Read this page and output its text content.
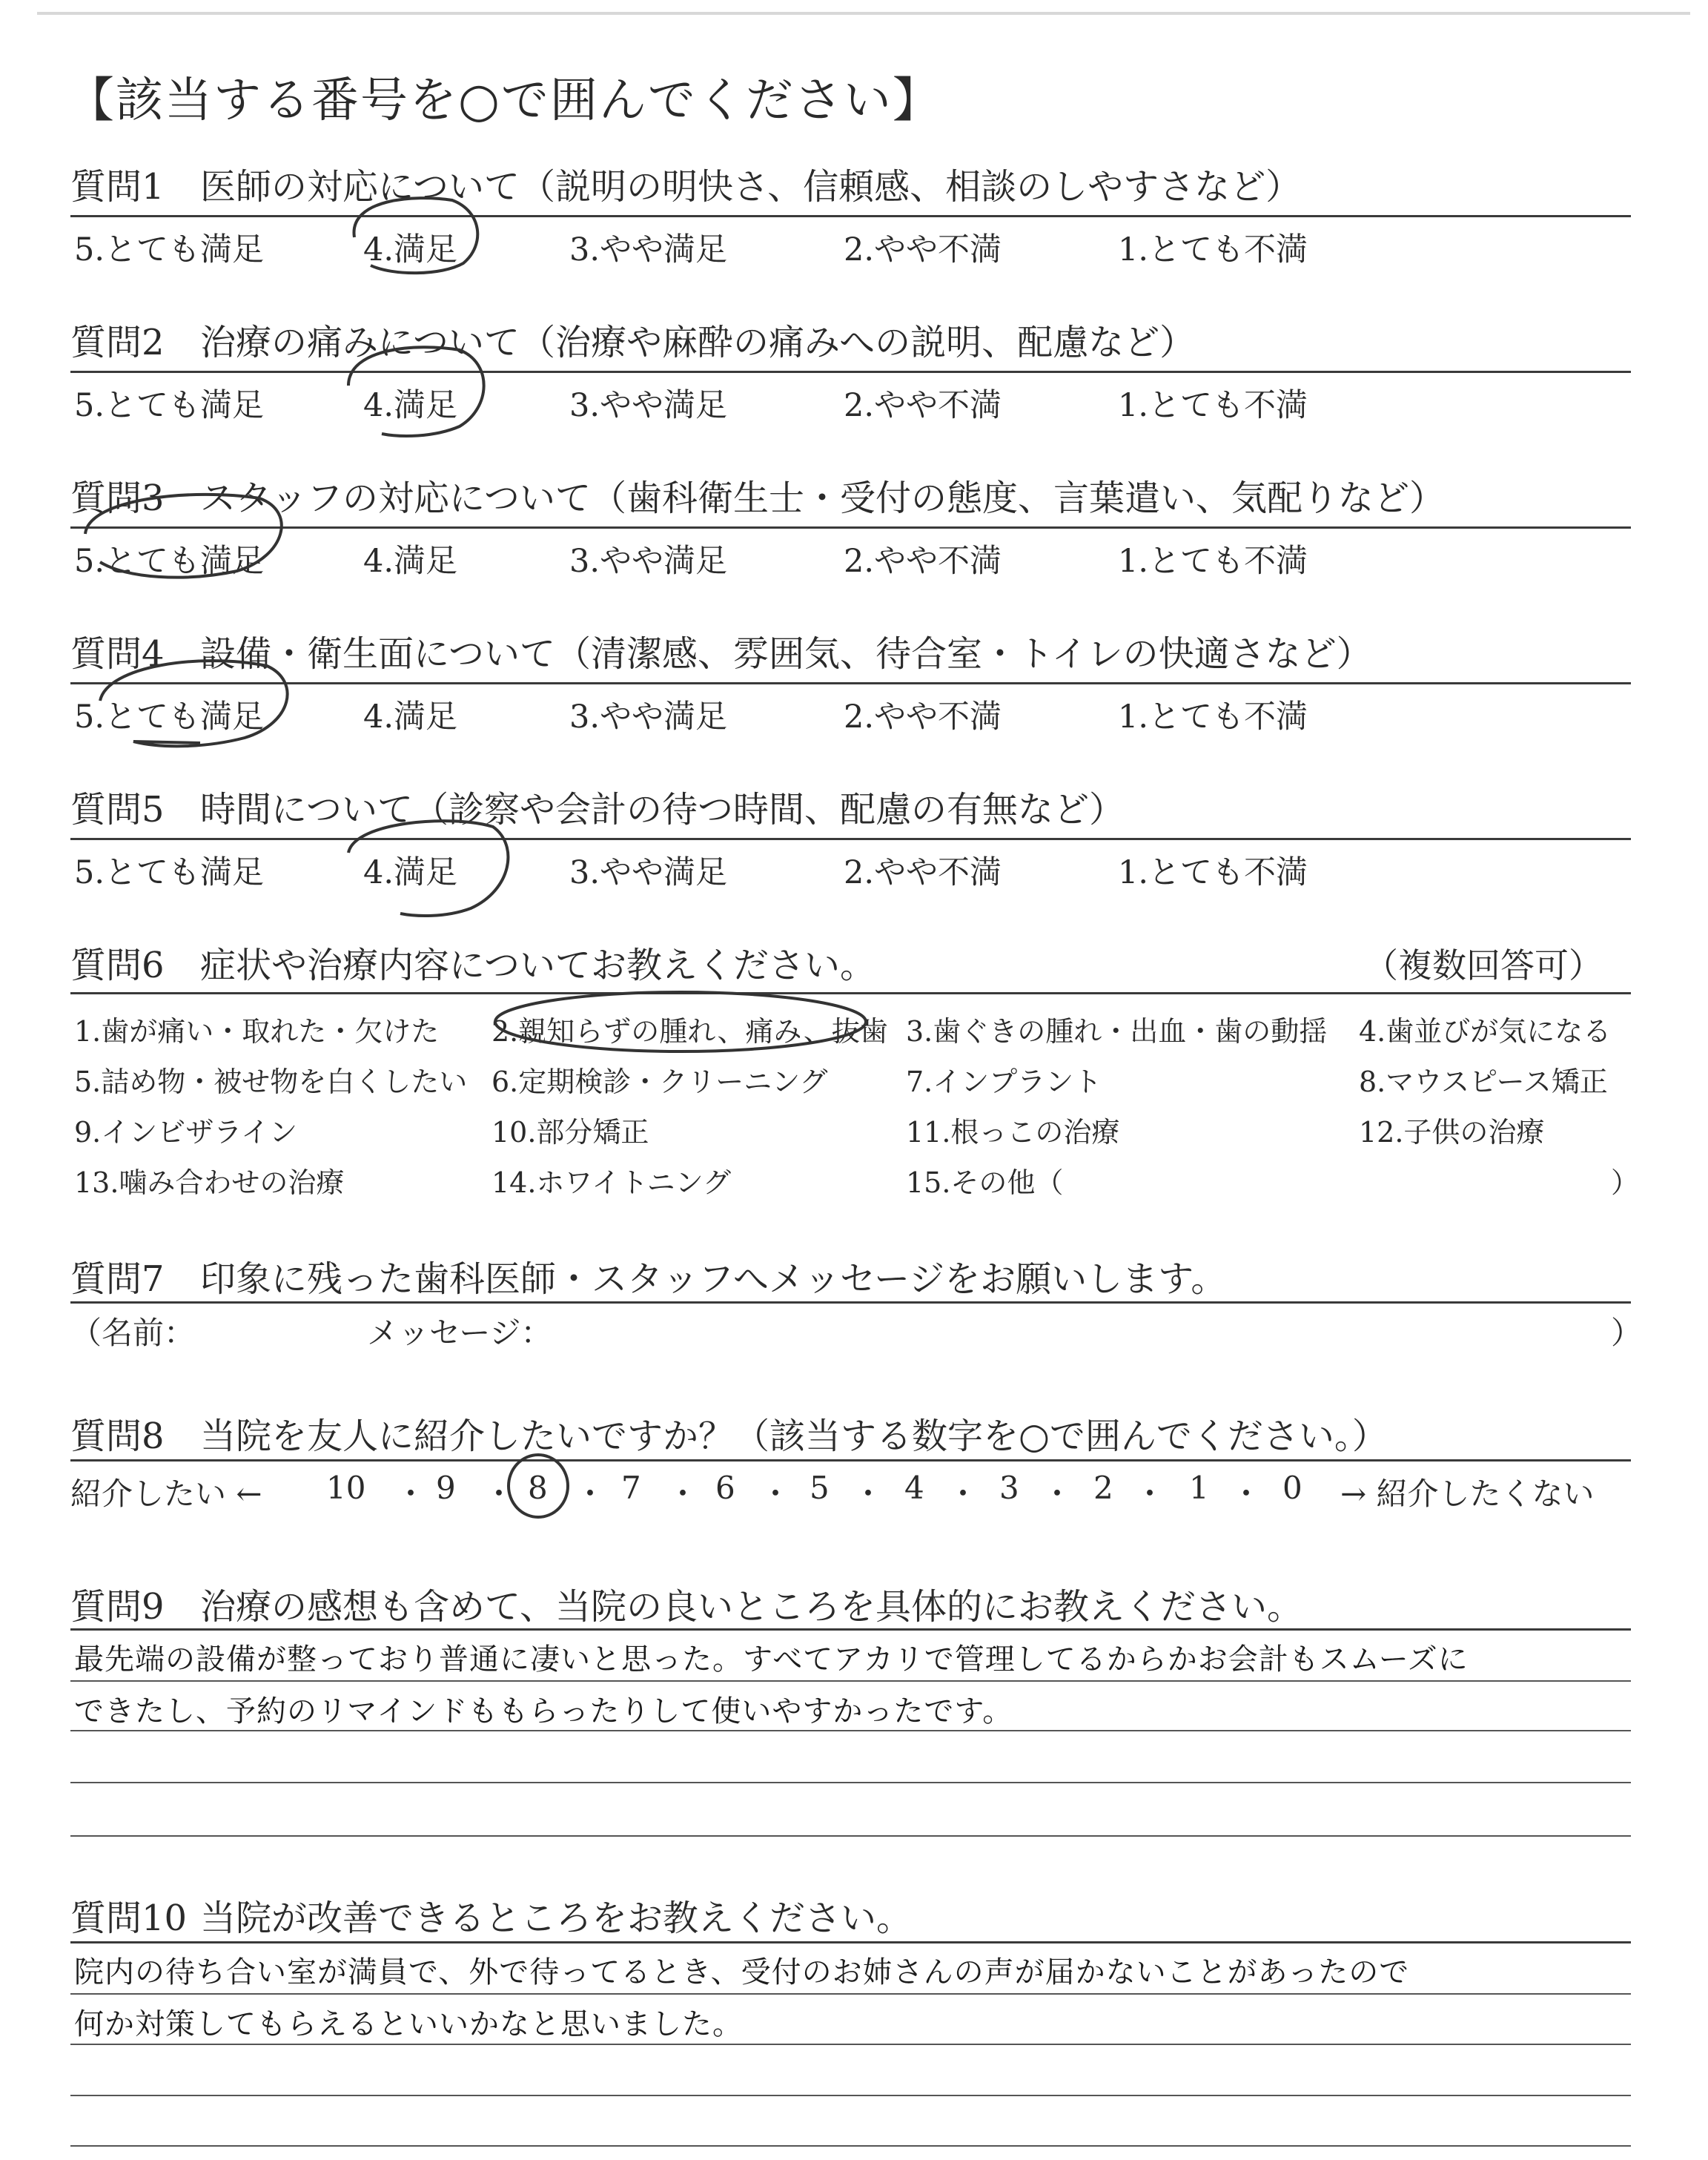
【該当する番号を○で囲んでください】
質問1 医師の対応について（説明の明快さ、信頼感、相談のしやすさなど）
5.とても満足	4.満足	3.やや満足	2.やや不満	1.とても不満
質問2 治療の痛みについて（治療や麻酔の痛みへの説明、配慮など）
5.とても満足	4.満足	3.やや満足	2.やや不満	1.とても不満
質問3 スタッフの対応について（歯科衛生士・受付の態度、言葉遣い、気配りなど）
5.とても満足	4.満足	3.やや満足	2.やや不満	1.とても不満
質問4 設備・衛生面について（清潔感、雰囲気、待合室・トイレの快適さなど）
5.とても満足	4.満足	3.やや満足	2.やや不満	1.とても不満
質問5 時間について（診察や会計の待つ時間、配慮の有無など）
5.とても満足	4.満足	3.やや満足	2.やや不満	1.とても不満
質問6 症状や治療内容についてお教えください。	（複数回答可）
1.歯が痛い・取れた・欠けた 2.親知らずの腫れ、痛み、抜歯 3.歯ぐきの腫れ・出血・歯の動揺 4.歯並びが気になる
5.詰め物・被せ物を白くしたい 6.定期検診・クリーニング	7.インプラント	8.マウスピース矯正
9.インビザライン	10.部分矯正	11.根っこの治療	12.子供の治療
13.噛み合わせの治療	14.ホワイトニング	15.その他（	）
質問7 印象に残った歯科医師・スタッフへメッセージをお願いします。
（名前：	メッセージ：	）
質問8 当院を友人に紹介したいですか？（該当する数字を○で囲んでください。）
紹介したい ← 10 ・ 9 ・ 8 ・ 7 ・ 6 ・ 5 ・ 4 ・ 3 ・ 2 ・ 1 ・ 0 → 紹介したくない
質問9 治療の感想も含めて、当院の良いところを具体的にお教えください。
最先端の設備が整っており普通に凄いと思った。すべてアカリで管理してるからかお会計もスムーズに
できたし、予約のリマインドももらったりして使いやすかったです。
質問10 当院が改善できるところをお教えください。
院内の待ち合い室が満員で、外で待ってるとき、受付のお姉さんの声が届かないことがあったので
何か対策してもらえるといいかなと思いました。
